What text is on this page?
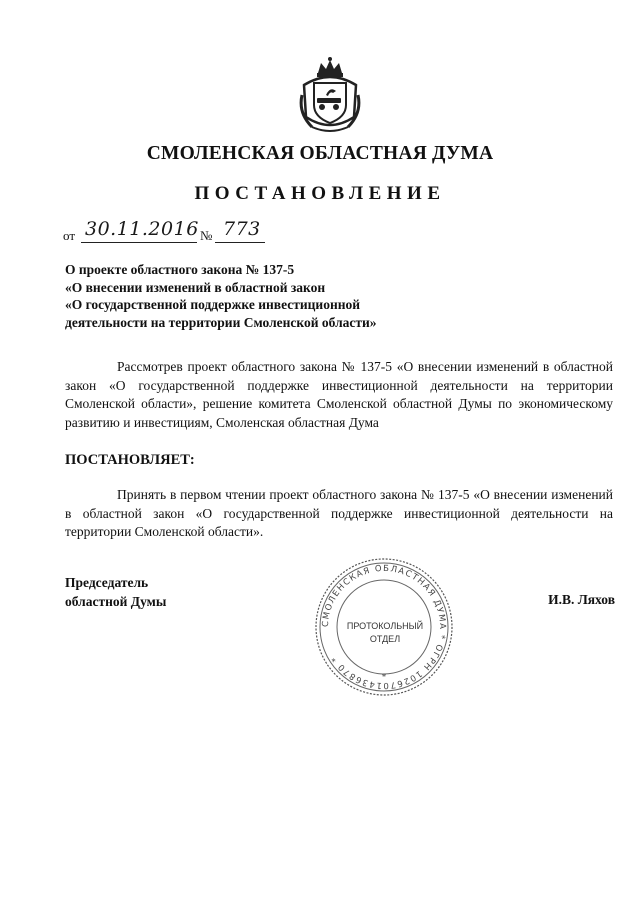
СМОЛЕНСКАЯ ОБЛАСТНАЯ ДУМА
ПОСТАНОВЛЕНИЕ
от 30.11.2016 № 773
О проекте областного закона № 137-5
«О внесении изменений в областной закон
«О государственной поддержке инвестиционной
деятельности на территории Смоленской области»
Рассмотрев проект областного закона № 137-5 «О внесении изменений в областной закон «О государственной поддержке инвестиционной деятельности на территории Смоленской области», решение комитета Смоленской областной Думы по экономическому развитию и инвестициям, Смоленская областная Дума
ПОСТАНОВЛЯЕТ:
Принять в первом чтении проект областного закона № 137-5 «О внесении изменений в областной закон «О государственной поддержке инвестиционной деятельности на территории Смоленской области».
Председатель
областной Думы	И.В. Ляхов
СМОЛЕНСКАЯ ОБЛАСТНАЯ ДУМА * ОГРН 1026701436870 *
*
ПРОТОКОЛЬНЫЙ
ОТДЕЛ
